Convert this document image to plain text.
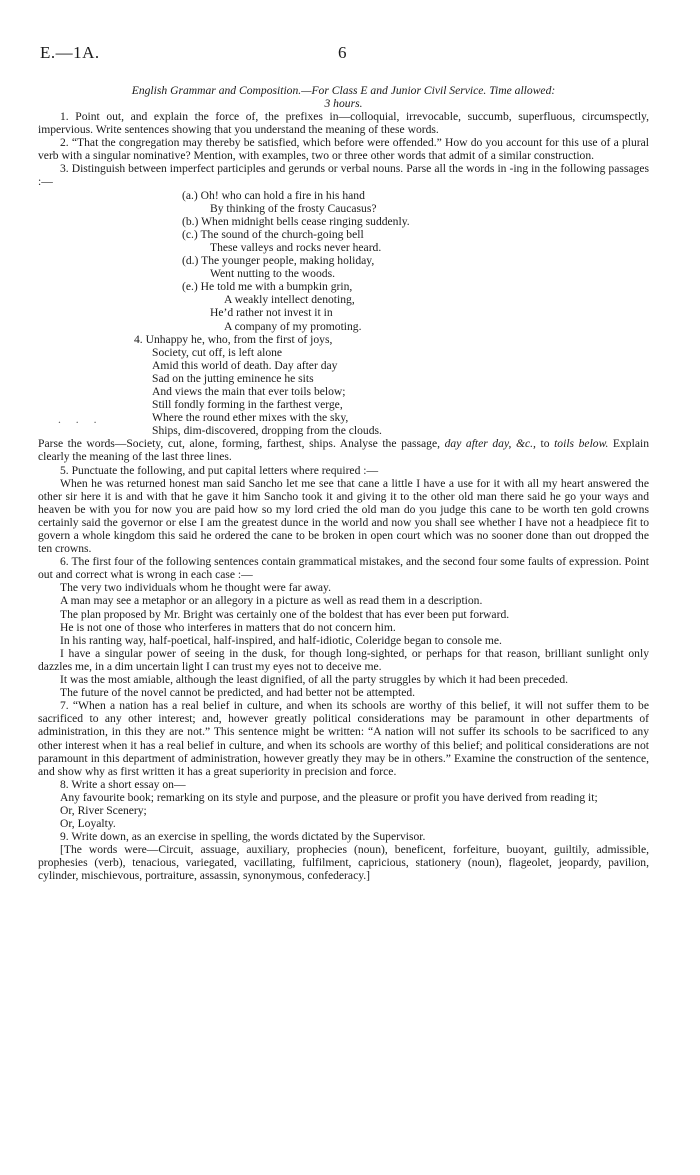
E.—1A.	6
English Grammar and Composition.—For Class E and Junior Civil Service. Time allowed:
3 hours.

1. Point out, and explain the force of, the prefixes in—colloquial, irrevocable, succumb, superfluous, circumspectly, impervious. Write sentences showing that you understand the meaning of these words.

2. “That the congregation may thereby be satisfied, which before were offended.” How do you account for this use of a plural verb with a singular nominative? Mention, with examples, two or three other words that admit of a similar construction.

3. Distinguish between imperfect participles and gerunds or verbal nouns. Parse all the words in -ing in the following passages :—

(a.) Oh! who can hold a fire in his hand
By thinking of the frosty Caucasus?
(b.) When midnight bells cease ringing suddenly.
(c.) The sound of the church-going bell
These valleys and rocks never heard.
(d.) The younger people, making holiday,
Went nutting to the woods.
(e.) He told me with a bumpkin grin,
A weakly intellect denoting,
He’d rather not invest it in
A company of my promoting.
4. Unhappy he, who, from the first of joys,
Society, cut off, is left alone
Amid this world of death. Day after day
Sad on the jutting eminence he sits
And views the main that ever toils below;
Still fondly forming in the farthest verge,
Where the round ether mixes with the sky,
Ships, dim-discovered, dropping from the clouds.
. . .

Parse the words—Society, cut, alone, forming, farthest, ships. Analyse the passage, day after day, &c., to toils below. Explain clearly the meaning of the last three lines.

5. Punctuate the following, and put capital letters where required :—

When he was returned honest man said Sancho let me see that cane a little I have a use for it with all my heart answered the other sir here it is and with that he gave it him Sancho took it and giving it to the other old man there said he go your ways and heaven be with you for now you are paid how so my lord cried the old man do you judge this cane to be worth ten gold crowns certainly said the governor or else I am the greatest dunce in the world and now you shall see whether I have not a headpiece fit to govern a whole kingdom this said he ordered the cane to be broken in open court which was no sooner done than out dropped the ten crowns.

6. The first four of the following sentences contain grammatical mistakes, and the second four some faults of expression. Point out and correct what is wrong in each case :—

The very two individuals whom he thought were far away.

A man may see a metaphor or an allegory in a picture as well as read them in a description.

The plan proposed by Mr. Bright was certainly one of the boldest that has ever been put forward.

He is not one of those who interferes in matters that do not concern him.

In his ranting way, half-poetical, half-inspired, and half-idiotic, Coleridge began to console me.

I have a singular power of seeing in the dusk, for though long-sighted, or perhaps for that reason, brilliant sunlight only dazzles me, in a dim uncertain light I can trust my eyes not to deceive me.

It was the most amiable, although the least dignified, of all the party struggles by which it had been preceded.

The future of the novel cannot be predicted, and had better not be attempted.

7. “When a nation has a real belief in culture, and when its schools are worthy of this belief, it will not suffer them to be sacrificed to any other interest; and, however greatly political considerations may be paramount in other departments of administration, in this they are not.” This sentence might be written: “A nation will not suffer its schools to be sacrificed to any other interest when it has a real belief in culture, and when its schools are worthy of this belief; and political considerations are not paramount in this department of administration, however greatly they may be in others.” Examine the construction of the sentence, and show why as first written it has a great superiority in precision and force.

8. Write a short essay on—

Any favourite book; remarking on its style and purpose, and the pleasure or profit you have derived from reading it;

Or, River Scenery;

Or, Loyalty.

9. Write down, as an exercise in spelling, the words dictated by the Supervisor.

[The words were—Circuit, assuage, auxiliary, prophecies (noun), beneficent, forfeiture, buoyant, guiltily, admissible, prophesies (verb), tenacious, variegated, vacillating, fulfilment, capricious, stationery (noun), flageolet, jeopardy, pavilion, cylinder, mischievous, portraiture, assassin, synonymous, confederacy.]
